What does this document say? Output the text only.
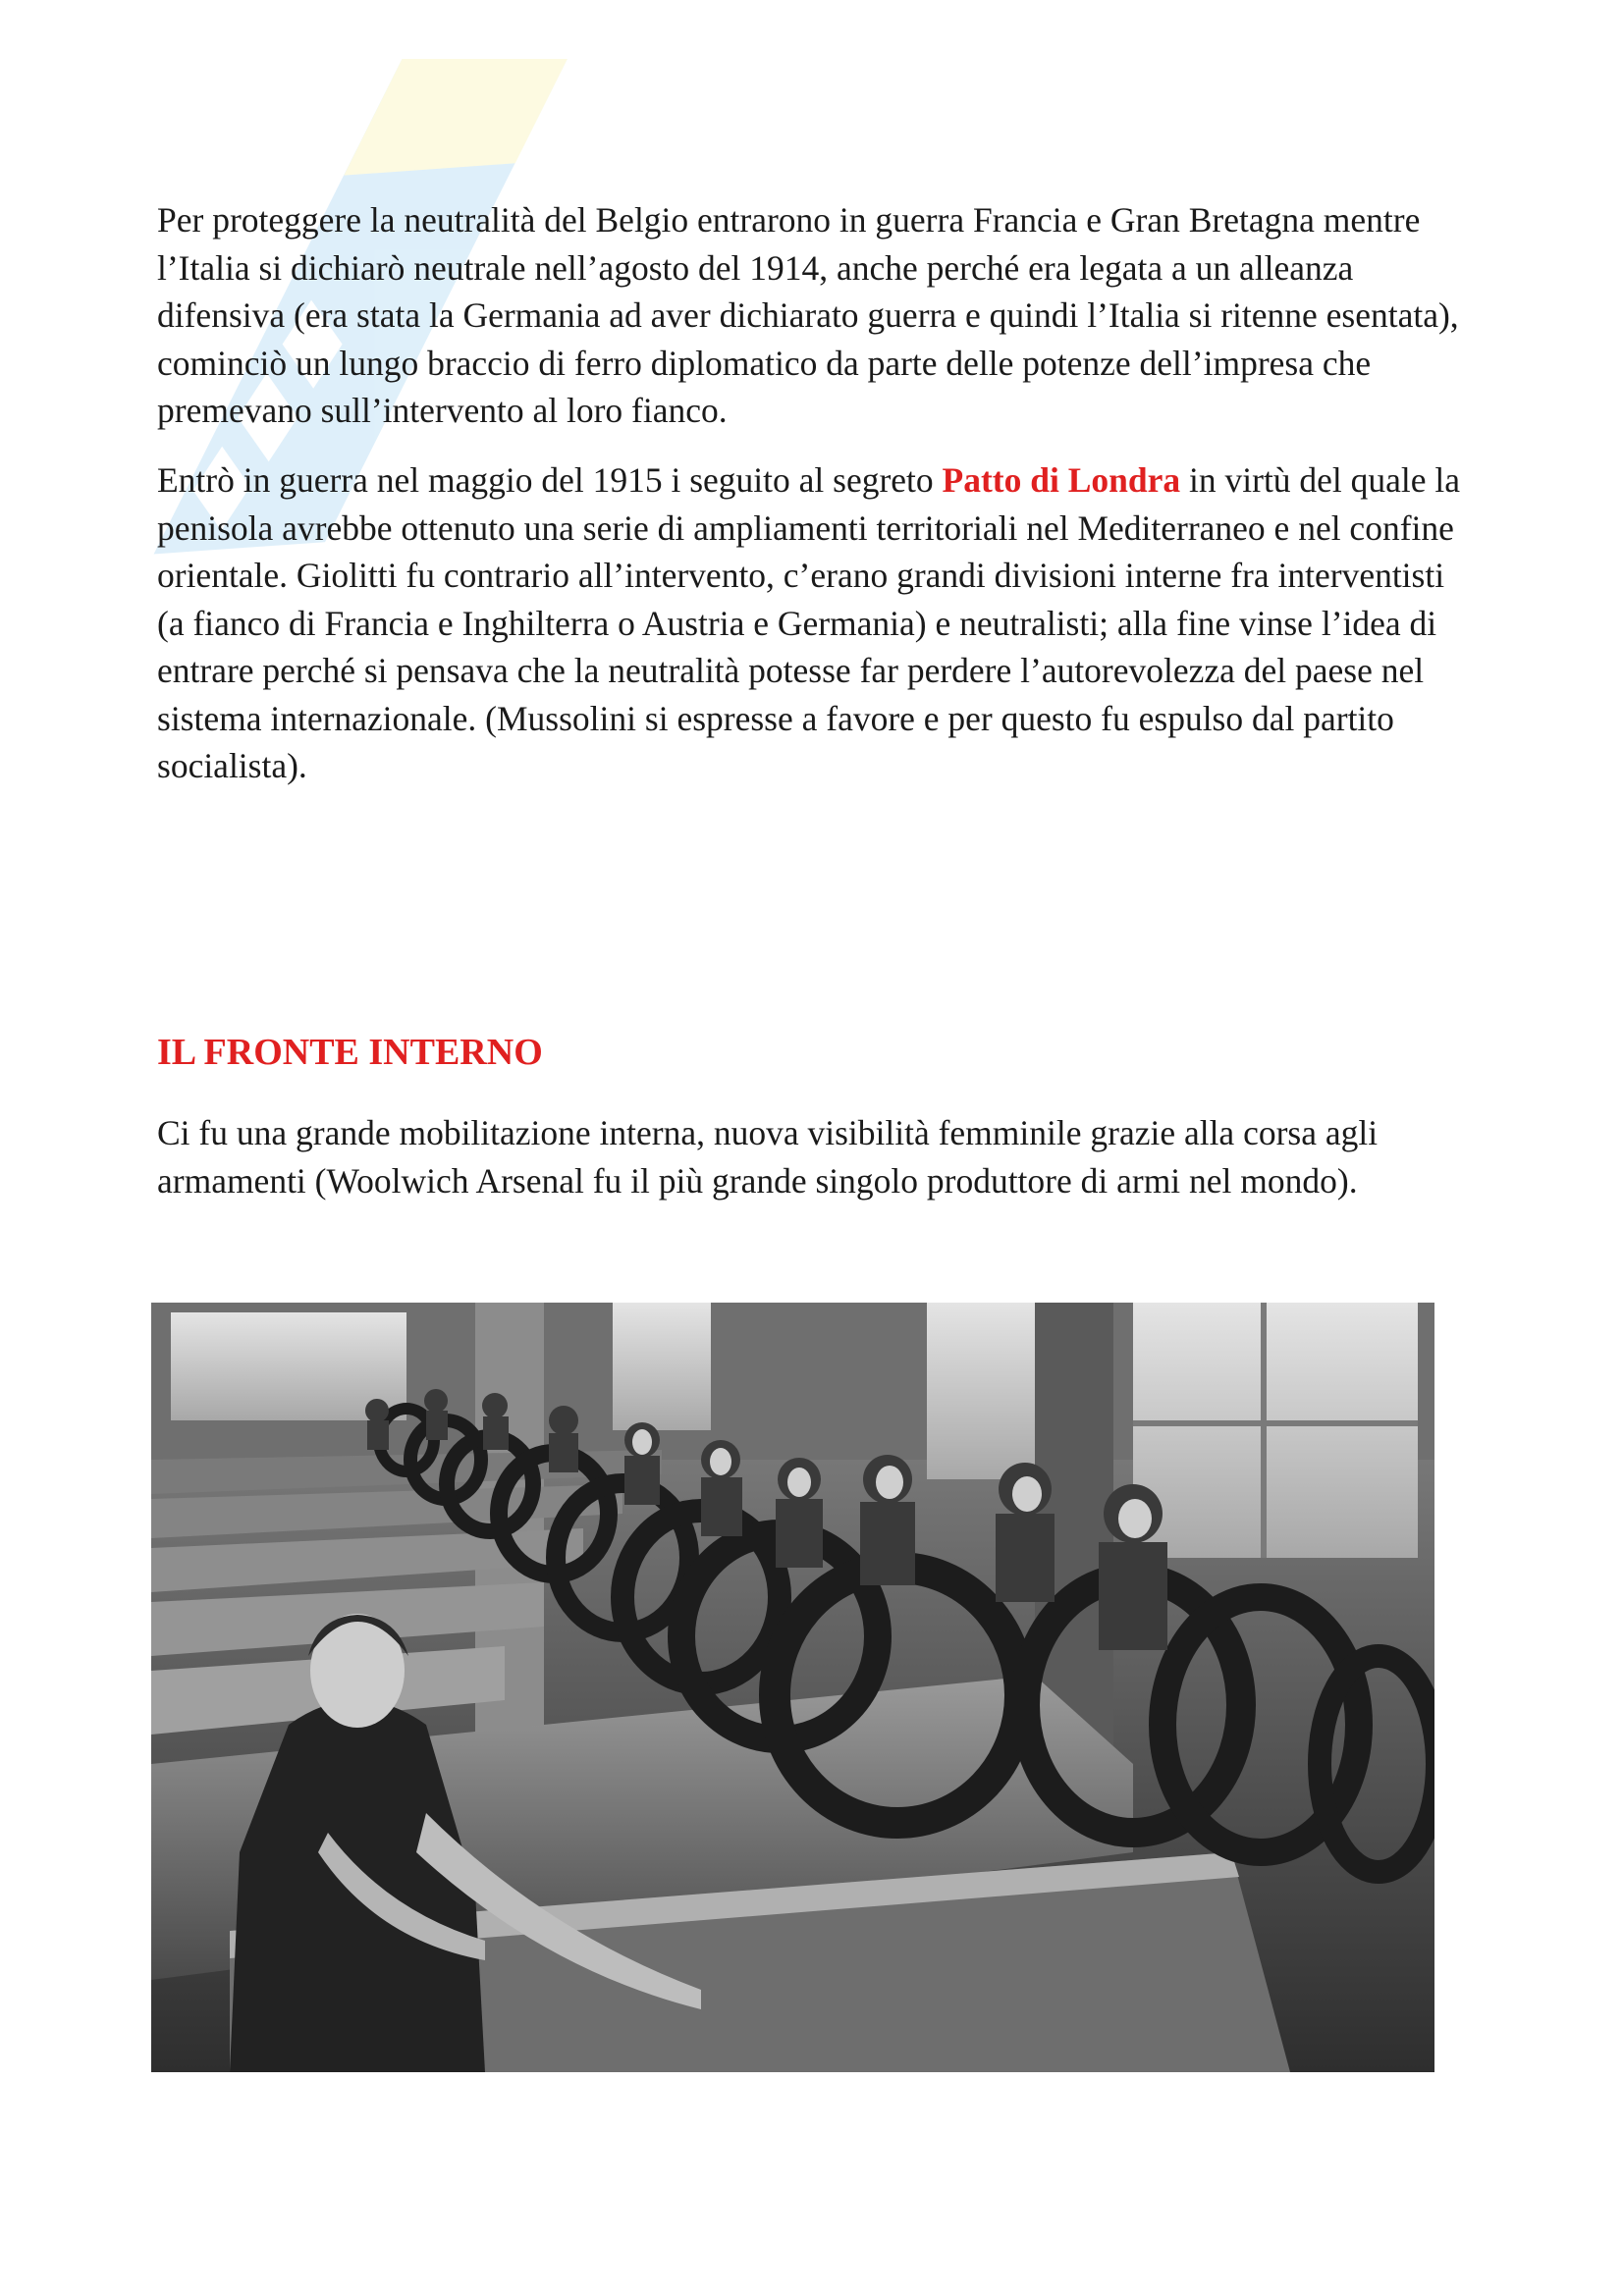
Per proteggere la neutralità del Belgio entrarono in guerra Francia e Gran Bretagna mentre l’Italia si dichiarò neutrale nell’agosto del 1914, anche perché era legata a un alleanza difensiva (era stata la Germania ad aver dichiarato guerra e quindi l’Italia si ritenne esentata), cominciò un lungo braccio di ferro diplomatico da parte delle potenze dell’impresa che premevano sull’intervento al loro fianco.

Entrò in guerra nel maggio del 1915 i seguito al segreto Patto di Londra in virtù del quale la penisola avrebbe ottenuto una serie di ampliamenti territoriali nel Mediterraneo e nel confine orientale. Giolitti fu contrario all’intervento, c’erano grandi divisioni interne fra interventisti (a fianco di Francia e Inghilterra o Austria e Germania) e neutralisti; alla fine vinse l’idea di entrare perché si pensava che la neutralità potesse far perdere l’autorevolezza del paese nel sistema internazionale. (Mussolini si espresse a favore e per questo fu espulso dal partito socialista).

IL FRONTE INTERNO

Ci fu una grande mobilitazione interna, nuova visibilità femminile grazie alla corsa agli armamenti (Woolwich Arsenal fu il più grande singolo produttore di armi nel mondo).
